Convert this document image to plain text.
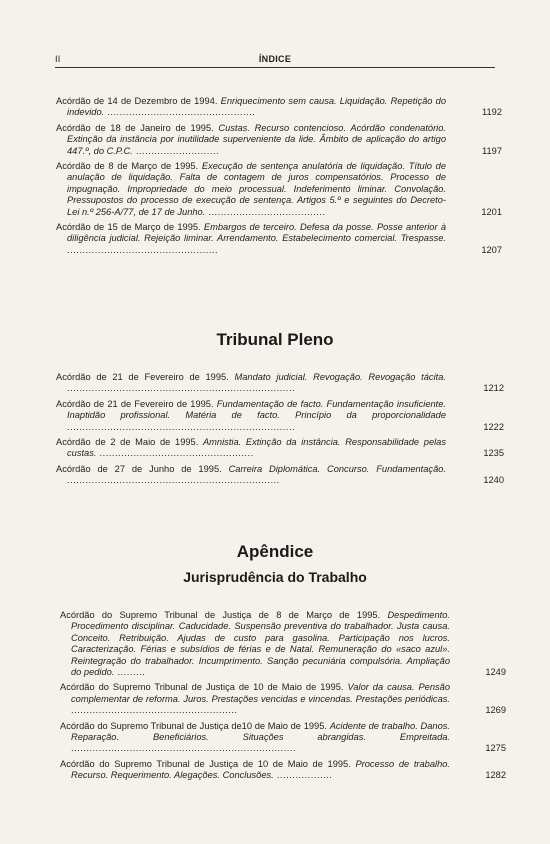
II	ÍNDICE
Acórdão de 14 de Dezembro de 1994. Enriquecimento sem causa. Liquidação. Repetição do indevido. ................................................	1192
Acórdão de 18 de Janeiro de 1995. Custas. Recurso contencioso. Acórdão condenatório. Extinção da instância por inutilidade superveniente da lide. Âmbito de aplicação do artigo 447.º, do C.P.C. ...........................	1197
Acórdão de 8 de Março de 1995. Execução de sentença anulatória de liquidação. Título de anulação de liquidação. Falta de contagem de juros compensatórios. Processo de impugnação. Impropriedade do meio processual. Indeferimento liminar. Convolação. Pressupostos do processo de execução de sentença. Artigos 5.º e seguintes do Decreto-Lei n.º 256-A/77, de 17 de Junho. ......................................	1201
Acórdão de 15 de Março de 1995. Embargos de terceiro. Defesa da posse. Posse anterior à diligência judicial. Rejeição liminar. Arrendamento. Estabelecimento comercial. Trespasse. .................................................	1207
Tribunal Pleno
Acórdão de 21 de Fevereiro de 1995. Mandato judicial. Revogação. Revogação tácita. ..........................................................................	1212
Acórdão de 21 de Fevereiro de 1995. Fundamentação de facto. Fundamentação insuficiente. Inaptidão profissional. Matéria de facto. Princípio da proporcionalidade ..........................................................................	1222
Acórdão de 2 de Maio de 1995. Amnistia. Extinção da instância. Responsabilidade pelas custas. ..................................................	1235
Acórdão de 27 de Junho de 1995. Carreira Diplomática. Concurso. Fundamentação. .....................................................................	1240
Apêndice
Jurisprudência do Trabalho
Acórdão do Supremo Tribunal de Justiça de 8 de Março de 1995. Despedimento. Procedimento disciplinar. Caducidade. Suspensão preventiva do trabalhador. Justa causa. Conceito. Retribuição. Ajudas de custo para gasolina. Participação nos lucros. Caracterização. Férias e subsídios de férias e de Natal. Remuneração do «saco azul». Reintegração do trabalhador. Incumprimento. Sanção pecuniária compulsória. Ampliação do pedido. .........	1249
Acórdão do Supremo Tribunal de Justiça de 10 de Maio de 1995. Valor da causa. Pensão complementar de reforma. Juros. Prestações vencidas e vincendas. Prestações periódicas. ......................................................	1269
Acórdão do Supremo Tribunal de Justiça de10 de Maio de 1995. Acidente de trabalho. Danos. Reparação. Beneficiários. Situações abrangidas. Empreitada. .........................................................................	1275
Acórdão do Supremo Tribunal de Justiça de 10 de Maio de 1995. Processo de trabalho. Recurso. Requerimento. Alegações. Conclusões. ..................	1282
